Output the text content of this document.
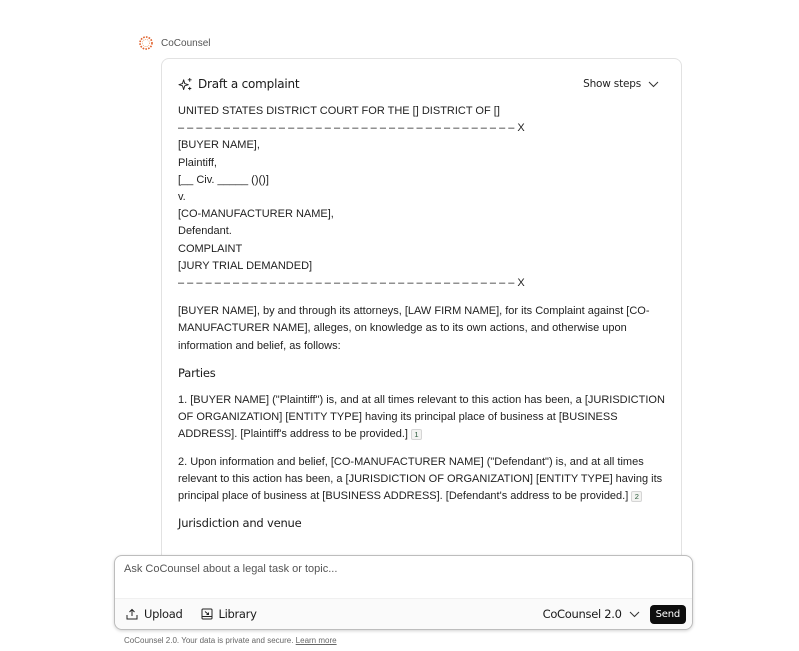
CoCounsel
Draft a complaint	Show steps
UNITED STATES DISTRICT COURT FOR THE [] DISTRICT OF []
– – – – – – – – – – – – – – – – – – – – – – – – – – – – – – – – – – – – – X
[BUYER NAME],
Plaintiff,
[__ Civ. _____ ()()]
v.
[CO-MANUFACTURER NAME],
Defendant.
COMPLAINT
[JURY TRIAL DEMANDED]
– – – – – – – – – – – – – – – – – – – – – – – – – – – – – – – – – – – – – X

[BUYER NAME], by and through its attorneys, [LAW FIRM NAME], for its Complaint against [CO-MANUFACTURER NAME], alleges, on knowledge as to its own actions, and otherwise upon information and belief, as follows:

Parties

1. [BUYER NAME] ("Plaintiff") is, and at all times relevant to this action has been, a [JURISDICTION OF ORGANIZATION] [ENTITY TYPE] having its principal place of business at [BUSINESS ADDRESS]. [Plaintiff's address to be provided.] 1

2. Upon information and belief, [CO-MANUFACTURER NAME] ("Defendant") is, and at all times relevant to this action has been, a [JURISDICTION OF ORGANIZATION] [ENTITY TYPE] having its principal place of business at [BUSINESS ADDRESS]. [Defendant's address to be provided.] 2

Jurisdiction and venue
Ask CoCounsel about a legal task or topic...
Upload	Library	CoCounsel 2.0	Send
CoCounsel 2.0. Your data is private and secure. Learn more
